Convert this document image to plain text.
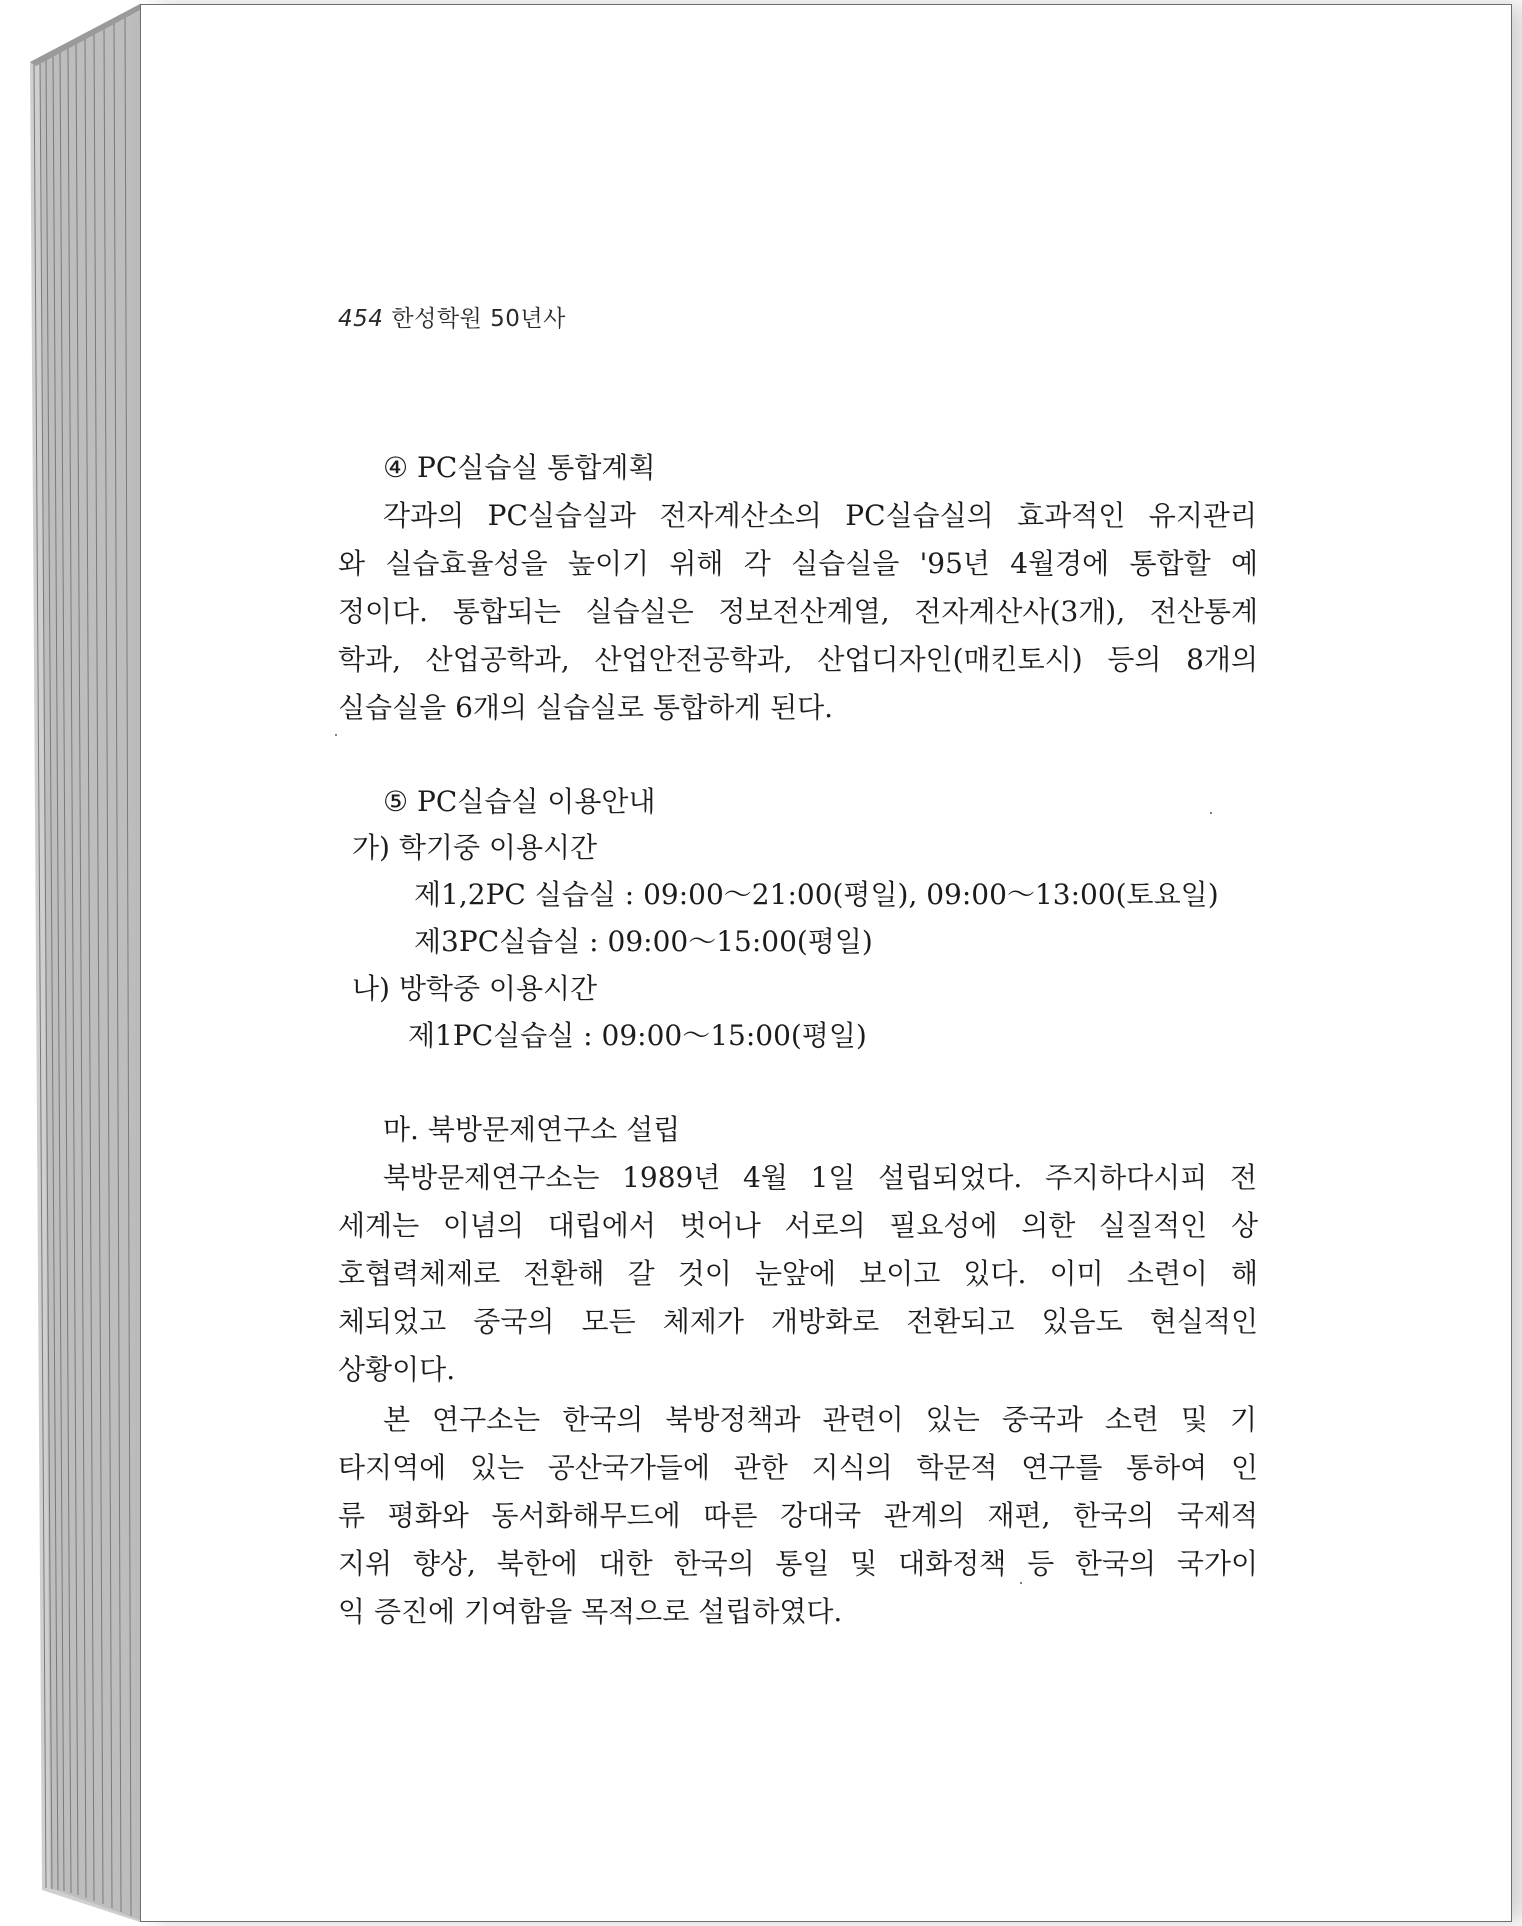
454 한성학원 50년사
④ PC실습실 통합계획
각과의 PC실습실과 전자계산소의 PC실습실의 효과적인 유지관리
와 실습효율성을 높이기 위해 각 실습실을 '95년 4월경에 통합할 예
정이다. 통합되는 실습실은 정보전산계열, 전자계산사(3개), 전산통계
학과, 산업공학과, 산업안전공학과, 산업디자인(매킨토시) 등의 8개의
실습실을 6개의 실습실로 통합하게 된다.
⑤ PC실습실 이용안내
가) 학기중 이용시간
제1,2PC 실습실 : 09:00～21:00(평일), 09:00～13:00(토요일)
제3PC실습실 : 09:00～15:00(평일)
나) 방학중 이용시간
제1PC실습실 : 09:00～15:00(평일)
마. 북방문제연구소 설립
북방문제연구소는 1989년 4월 1일 설립되었다. 주지하다시피 전
세계는 이념의 대립에서 벗어나 서로의 필요성에 의한 실질적인 상
호협력체제로 전환해 갈 것이 눈앞에 보이고 있다. 이미 소련이 해
체되었고 중국의 모든 체제가 개방화로 전환되고 있음도 현실적인
상황이다.
본 연구소는 한국의 북방정책과 관련이 있는 중국과 소련 및 기
타지역에 있는 공산국가들에 관한 지식의 학문적 연구를 통하여 인
류 평화와 동서화해무드에 따른 강대국 관계의 재편, 한국의 국제적
지위 향상, 북한에 대한 한국의 통일 및 대화정책 등 한국의 국가이
익 증진에 기여함을 목적으로 설립하였다.
